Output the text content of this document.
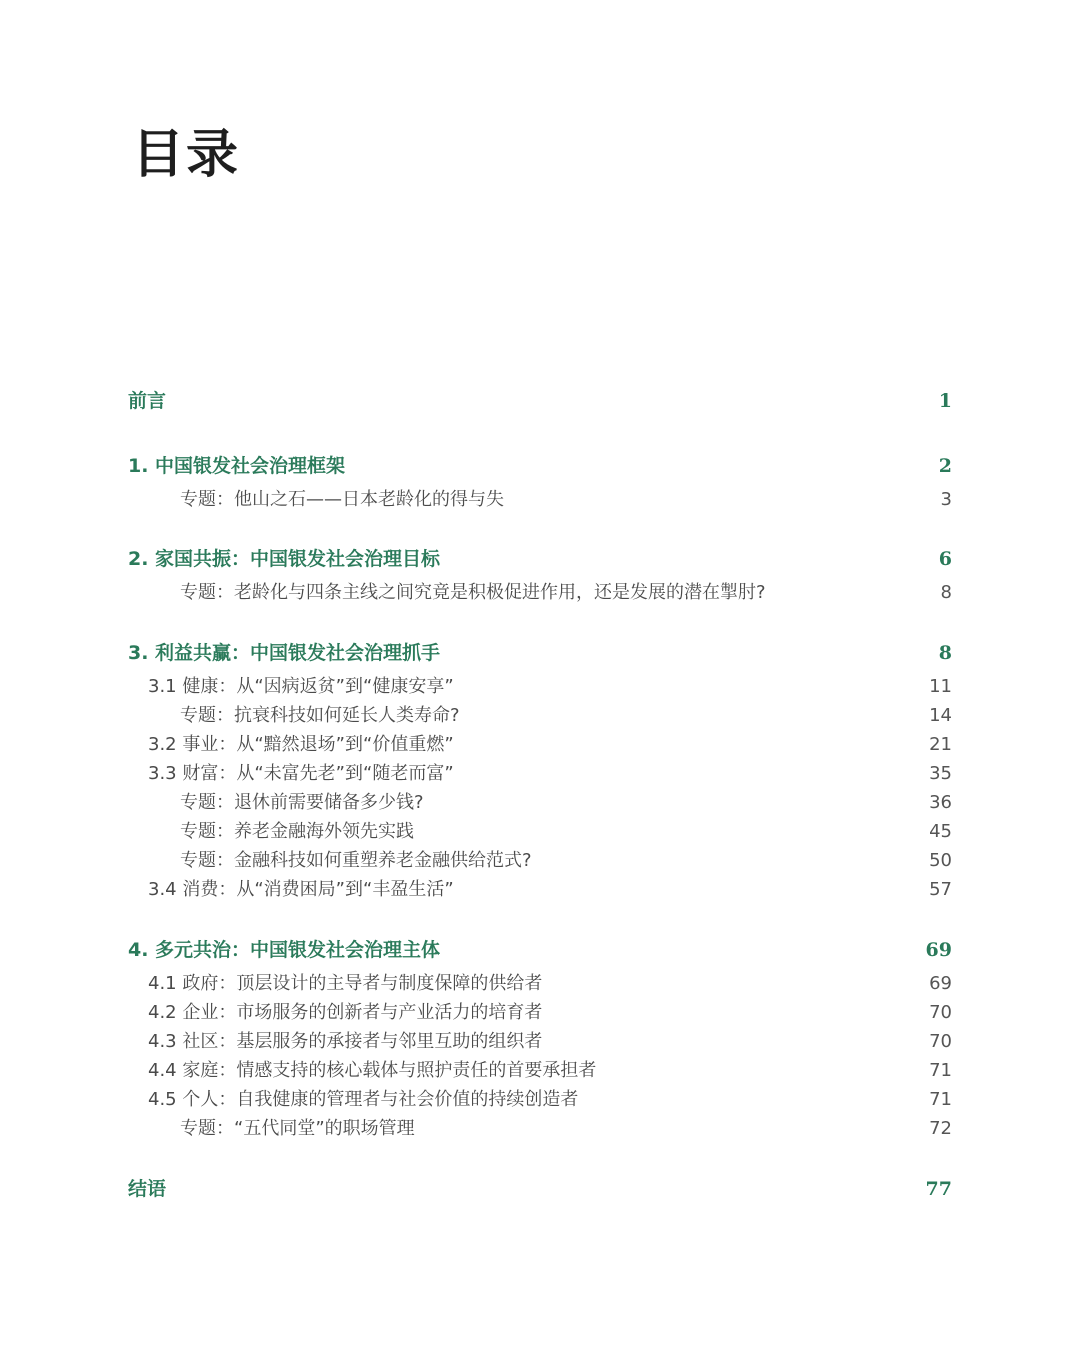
目录
前言	1
1. 中国银发社会治理框架	2
专题：他山之石——日本老龄化的得与失	3
2. 家国共振：中国银发社会治理目标	6
专题：老龄化与四条主线之间究竟是积极促进作用，还是发展的潜在掣肘?	8
3. 利益共赢：中国银发社会治理抓手	8
3.1 健康：从“因病返贫”到“健康安享”	11
专题：抗衰科技如何延长人类寿命?	14
3.2 事业：从“黯然退场”到“价值重燃”	21
3.3 财富：从“未富先老”到“随老而富”	35
专题：退休前需要储备多少钱?	36
专题：养老金融海外领先实践	45
专题：金融科技如何重塑养老金融供给范式?	50
3.4 消费：从“消费困局”到“丰盈生活”	57
4. 多元共治：中国银发社会治理主体	69
4.1 政府：顶层设计的主导者与制度保障的供给者	69
4.2 企业：市场服务的创新者与产业活力的培育者	70
4.3 社区：基层服务的承接者与邻里互助的组织者	70
4.4 家庭：情感支持的核心载体与照护责任的首要承担者	71
4.5 个人：自我健康的管理者与社会价值的持续创造者	71
专题：“五代同堂”的职场管理	72
结语	77
